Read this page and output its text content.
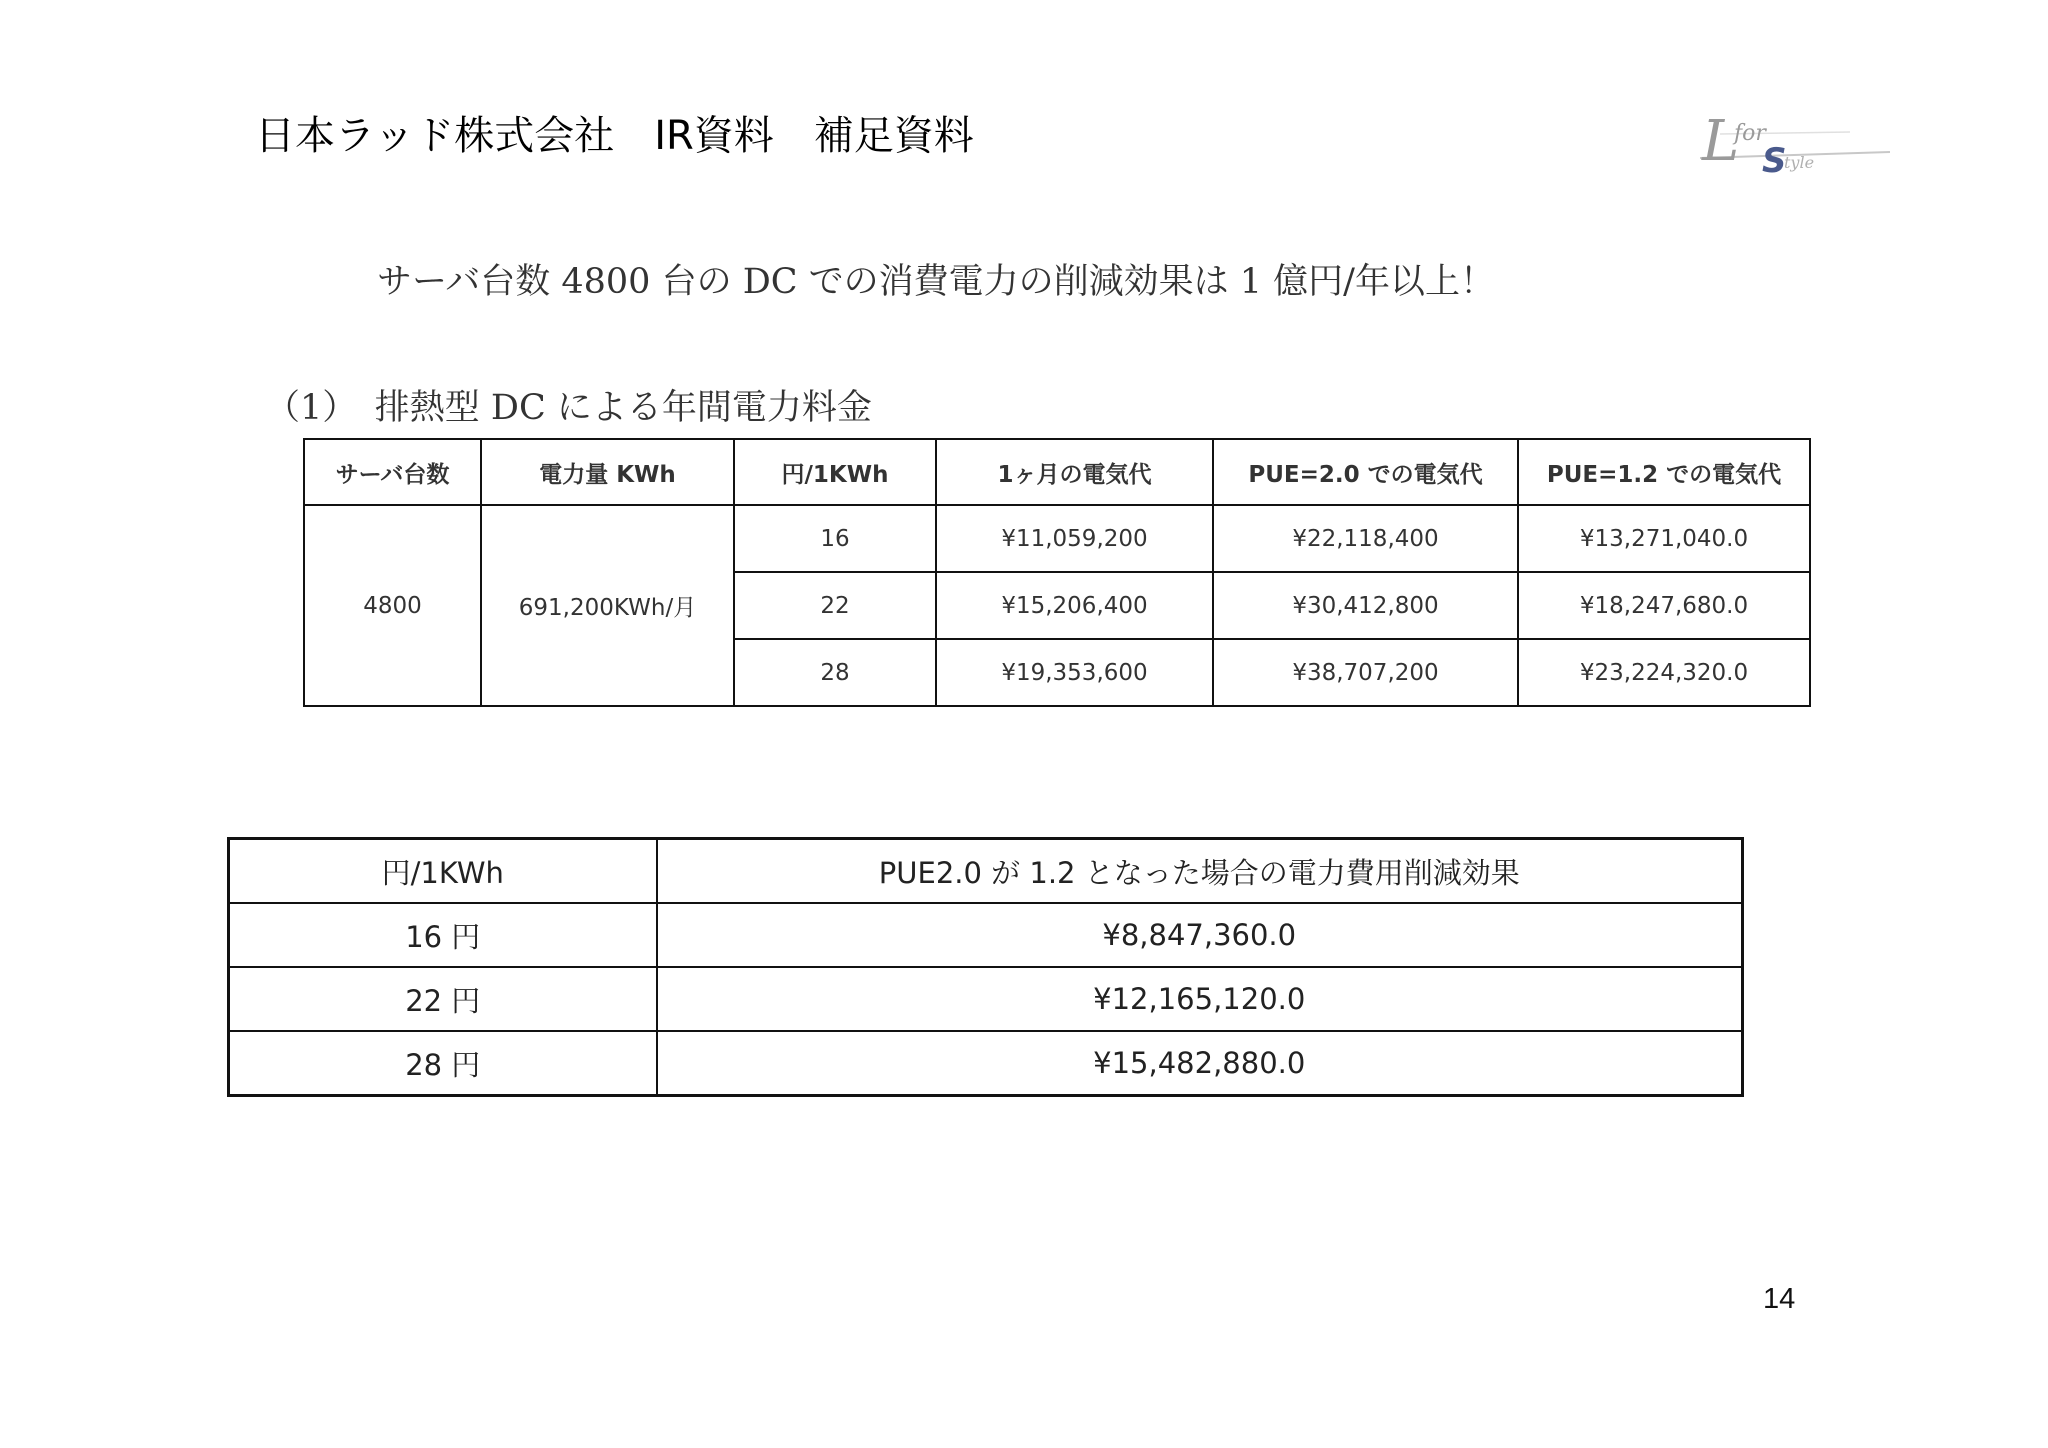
日本ラッド株式会社　IR資料　補足資料	L
for
S
tyle
サーバ台数 4800 台の DC での消費電力の削減効果は 1 億円/年以上！
（1）　排熱型 DC による年間電力料金
サーバ台数	電力量 KWh	円/1KWh	1ヶ月の電気代	PUE=2.0 での電気代	PUE=1.2 での電気代
4800	691,200KWh/月	16	¥11,059,200	¥22,118,400	¥13,271,040.0
		22	¥15,206,400	¥30,412,800	¥18,247,680.0
		28	¥19,353,600	¥38,707,200	¥23,224,320.0
円/1KWh	PUE2.0 が 1.2 となった場合の電力費用削減効果
16 円	¥8,847,360.0
22 円	¥12,165,120.0
28 円	¥15,482,880.0
14
